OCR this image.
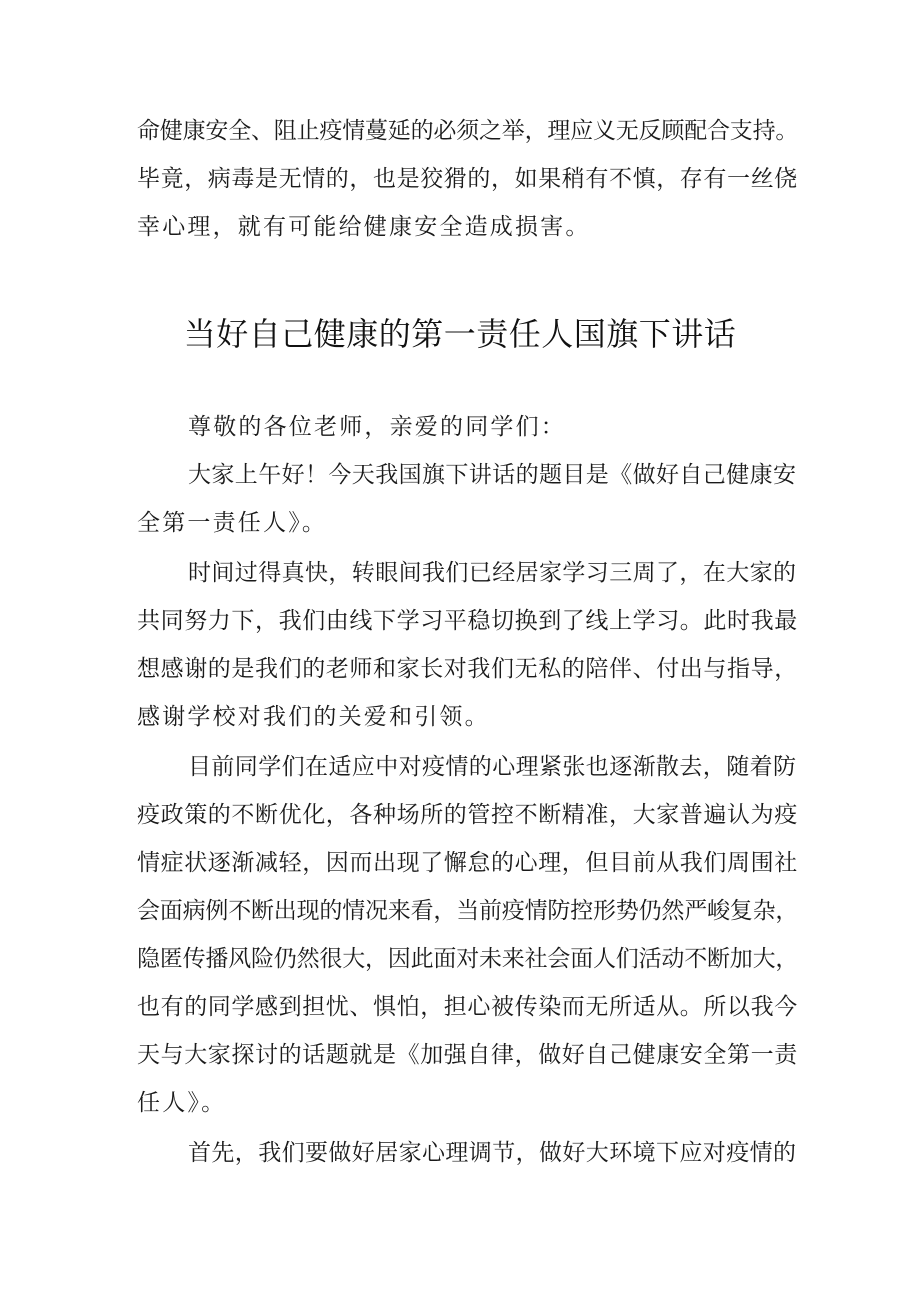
命健康安全、阻止疫情蔓延的必须之举，理应义无反顾配合支持。
毕竟，病毒是无情的，也是狡猾的，如果稍有不慎，存有一丝侥
幸心理，就有可能给健康安全造成损害。
当好自己健康的第一责任人国旗下讲话
尊敬的各位老师，亲爱的同学们：
大家上午好！今天我国旗下讲话的题目是《做好自己健康安
全第一责任人》。
时间过得真快，转眼间我们已经居家学习三周了，在大家的
共同努力下，我们由线下学习平稳切换到了线上学习。此时我最
想感谢的是我们的老师和家长对我们无私的陪伴、付出与指导，
感谢学校对我们的关爱和引领。
目前同学们在适应中对疫情的心理紧张也逐渐散去，随着防
疫政策的不断优化，各种场所的管控不断精准，大家普遍认为疫
情症状逐渐减轻，因而出现了懈怠的心理，但目前从我们周围社
会面病例不断出现的情况来看，当前疫情防控形势仍然严峻复杂，
隐匿传播风险仍然很大，因此面对未来社会面人们活动不断加大，
也有的同学感到担忧、惧怕，担心被传染而无所适从。所以我今
天与大家探讨的话题就是《加强自律，做好自己健康安全第一责
任人》。
首先，我们要做好居家心理调节，做好大环境下应对疫情的
